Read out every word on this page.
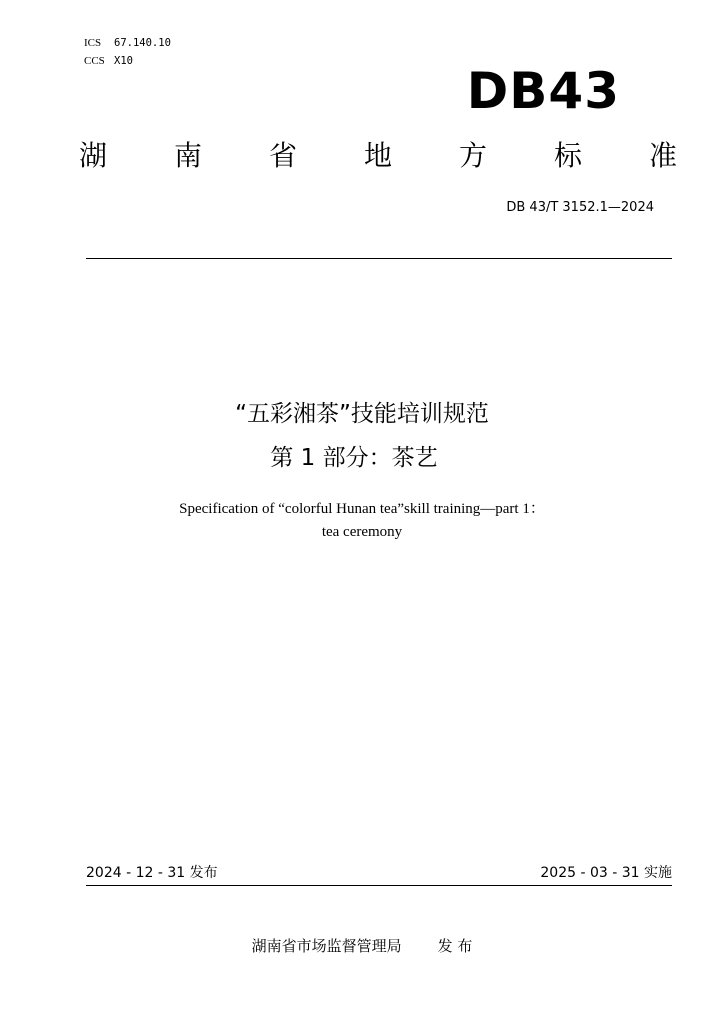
ICS 67.140.10
CCS X10
DB43
湖 南 省 地 方 标 准
DB 43/T 3152.1—2024
“五彩湘茶”技能培训规范
第 1 部分：茶艺
Specification of “colorful Hunan tea”skill training—part 1：
tea ceremony
2024 - 12 - 31 发布	2025 - 03 - 31 实施
湖南省市场监督管理局 发 布
